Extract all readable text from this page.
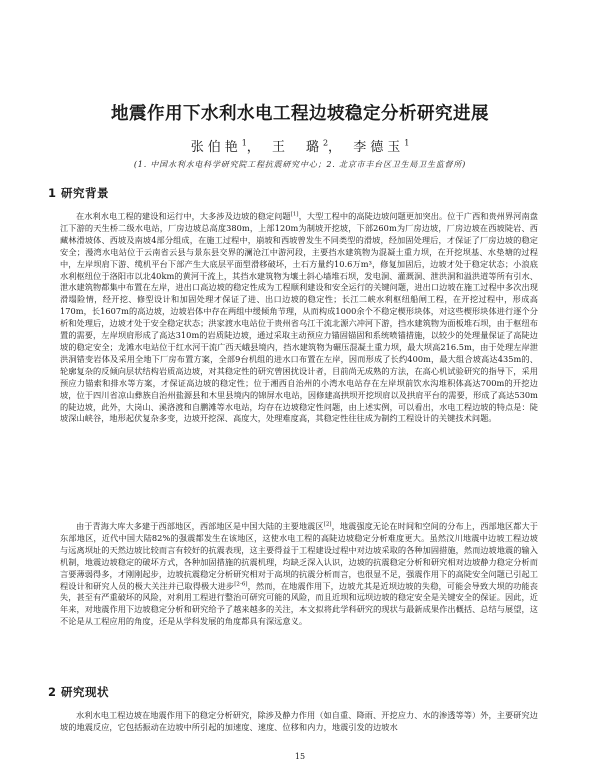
地震作用下水利水电工程边坡稳定分析研究进展
张伯艳$^1$， 王　璐$^2$， 李德玉$^1$
(1. 中国水利水电科学研究院工程抗震研究中心；2. 北京市丰台区卫生局卫生监督所)
1 研究背景

在水利水电工程的建设和运行中，大多涉及边坡的稳定问题[1]，大型工程中的高陡边坡问题更加突出。位于广西和贵州界河南盘江下游的天生桥二级水电站，厂房边坡总高度380m，上部120m为制坡开挖坡，下部260m为厂房边坡，厂房边坡在西坡陡岩、西藏林滑坡体、西坡及南坡4部分组成，在施工过程中，崩坡和西坡曾发生不同类型的滑坡，经加固处理后，才保证了厂房边坡的稳定安全；漫湾水电站位于云南省云县与景东县交界的澜沧江中游河段，主要挡水建筑物为混凝土重力坝，在开挖坝基、水垫塘的过程中，左岸坝肩下游、缆机平台下部产生大底层平面型滑移破坏，土石方量约10.6万m³，修复加固后，边坡才处于稳定状态；小浪底水利枢纽位于洛阳市以北40km的黄河干流上，其挡水建筑物为壤土斜心墙堆石坝，发电洞、灌溉洞、泄洪洞和溢洪道等所有引水、泄水建筑物都集中布置在左岸，进出口高边坡的稳定性成为工程顺利建设和安全运行的关键问题，进出口边坡在施工过程中多次出现滑塌险情，经开挖、修型设计和加固处理才保证了进、出口边坡的稳定性；长江二峡水利枢纽船闸工程，在开挖过程中，形成高170m，长1607m的高边坡，边坡岩体中存在两组中缓倾角节理，从而构成1000余个不稳定楔形块体，对这些楔形块体进行逐个分析和处理后，边坡才处于安全稳定状态；洪家渡水电站位于贵州省乌江干流北源六冲河下游，挡水建筑物为面板堆石坝，由于枢纽布置的需要，左岸坝肩形成了高达310m的岩质陡边坡，通过采取主动预应力锚固锚固和系统喷锚措施，以较少的处理量保证了高陡边坡的稳定安全；龙滩水电站位于红水河干流广西天峨县境内，挡水建筑物为碾压混凝土重力坝，最大坝高216.5m，由于处理左岸泄洪洞错变岩体及采用全地下厂房布置方案，全部9台机组的进水口布置在左岸，因而形成了长约400m，最大组合坡高达435m的、轮廓复杂的反倾向层状结构岩质高边坡，对其稳定性的研究曾困扰设计者，目前尚无成熟的方法，在高心机试验研究的指导下，采用预应力锚索和排水等方案，才保证高边坡的稳定性；位于湘西自治州的小湾水电站存在左岸坝前饮水沟堆积体高达700m的开挖边坡，位于四川省凉山彝族自治州盐源县和木里县境内的锦屏水电站，因修建高拱坝开挖坝肩以及拱肩平台的需要，形成了高达530m的陡边坡，此外，大岗山、溪洛渡和自鹏滩等水电站，均存在边坡稳定性问题，由上述实例，可以看出，水电工程边坡的特点是：陡坡深山峡谷，地形起伏复杂多变，边坡开挖深、高度大，处理难度高，其稳定性往往成为制约工程设计的关键技术问题。

由于青海大库大多建于西部地区，西部地区是中国大陆的主要地震区[2]，地震强度无论在时间和空间的分布上，西部地区都大于东部地区，近代中国大陆82%的强震都发生在该地区，这使水电工程的高陡边坡稳定分析难度更大。虽然汶川地震中边坡工程边坡与远离坝址的天然边坡比较而言有较好的抗震表现，这主要得益于工程建设过程中对边坡采取的各种加固措施，然而边坡地震的输入机制，地震边坡稳定的破坏方式，各种加固措施的抗震机理，均缺乏深入认识，边坡的抗震稳定分析和研究相对边坡静力稳定分析而言要薄弱得多，才刚刚起步，边坡抗震稳定分析研究相对于高坝的抗震分析而言，也很显不足，强震作用下的高陡安全问题已引起工程设计和研究人员的极大关注并已取得极大进步[2-6]，然而，在地震作用下，边坡尤其是近坝边坡的失稳，可能会导致大坝的功能丧失，甚至有严重破坏的风险，对利用工程进行整治可研究可能的风险，而且近坝和远坝边坡的稳定安全是关键安全的保证。因此，近年来，对地震作用下边坡稳定分析和研究给予了越来越多的关注，本文拟将此学科研究的现状与最新成果作出概括、总结与展望，这不论是从工程应用的角度，还是从学科发展的角度都具有深远意义。

2 研究现状

水利水电工程边坡在地震作用下的稳定分析研究，除涉及静力作用（如自重、降雨、开挖应力、水的渗透等等）外，主要研究边坡的地震反应，它包括振动在边坡中所引起的加速度、速度、位移和内力，地震引发的边坡水

15
